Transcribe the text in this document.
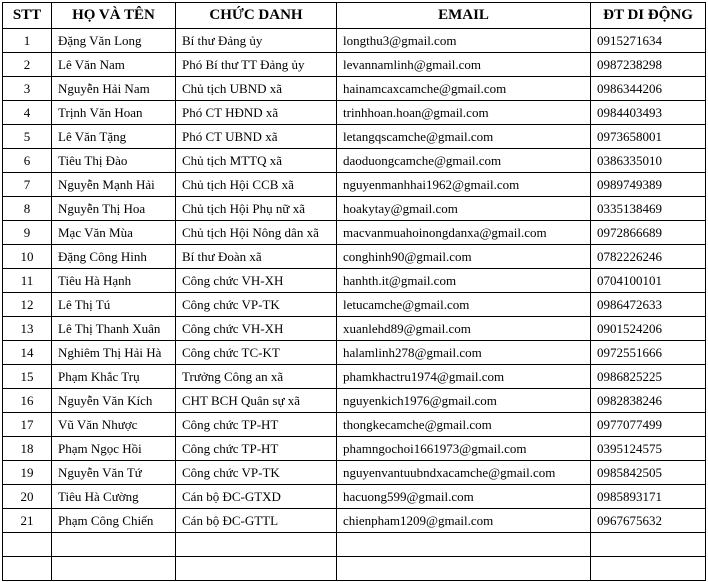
STT	HỌ VÀ TÊN	CHỨC DANH	EMAIL	ĐT DI ĐỘNG
1	Đặng Văn Long	Bí thư Đảng ủy	longthu3@gmail.com	0915271634
2	Lê Văn Nam	Phó Bí thư TT Đảng ủy	levannamlinh@gmail.com	0987238298
3	Nguyễn Hải Nam	Chủ tịch UBND xã	hainamcaxcamche@gmail.com	0986344206
4	Trịnh Văn Hoan	Phó CT HĐND xã	trinhhoan.hoan@gmail.com	0984403493
5	Lê Văn Tặng	Phó CT UBND xã	letangqscamche@gmail.com	0973658001
6	Tiêu Thị Đào	Chủ tịch MTTQ xã	daoduongcamche@gmail.com	0386335010
7	Nguyễn Mạnh Hải	Chủ tịch Hội CCB xã	nguyenmanhhai1962@gmail.com	0989749389
8	Nguyễn Thị Hoa	Chủ tịch Hội Phụ nữ xã	hoakytay@gmail.com	0335138469
9	Mạc Văn Mùa	Chủ tịch Hội Nông dân xã	macvanmuahoinongdanxa@gmail.com	0972866689
10	Đặng Công Hinh	Bí thư Đoàn xã	conghinh90@gmail.com	0782226246
11	Tiêu Hà Hạnh	Công chức VH-XH	hanhth.it@gmail.com	0704100101
12	Lê Thị Tú	Công chức VP-TK	letucamche@gmail.com	0986472633
13	Lê Thị Thanh Xuân	Công chức VH-XH	xuanlehd89@gmail.com	0901524206
14	Nghiêm Thị Hải Hà	Công chức TC-KT	halamlinh278@gmail.com	0972551666
15	Phạm Khắc Trụ	Trưởng Công an xã	phamkhactru1974@gmail.com	0986825225
16	Nguyễn Văn Kích	CHT BCH Quân sự xã	nguyenkich1976@gmail.com	0982838246
17	Vũ Văn Nhược	Công chức TP-HT	thongkecamche@gmail.com	0977077499
18	Phạm Ngọc Hồi	Công chức TP-HT	phamngochoi1661973@gmail.com	0395124575
19	Nguyễn Văn Tứ	Công chức VP-TK	nguyenvantuubndxacamche@gmail.com	0985842505
20	Tiêu Hà Cường	Cán bộ ĐC-GTXD	hacuong599@gmail.com	0985893171
21	Phạm Công Chiến	Cán bộ ĐC-GTTL	chienpham1209@gmail.com	0967675632
